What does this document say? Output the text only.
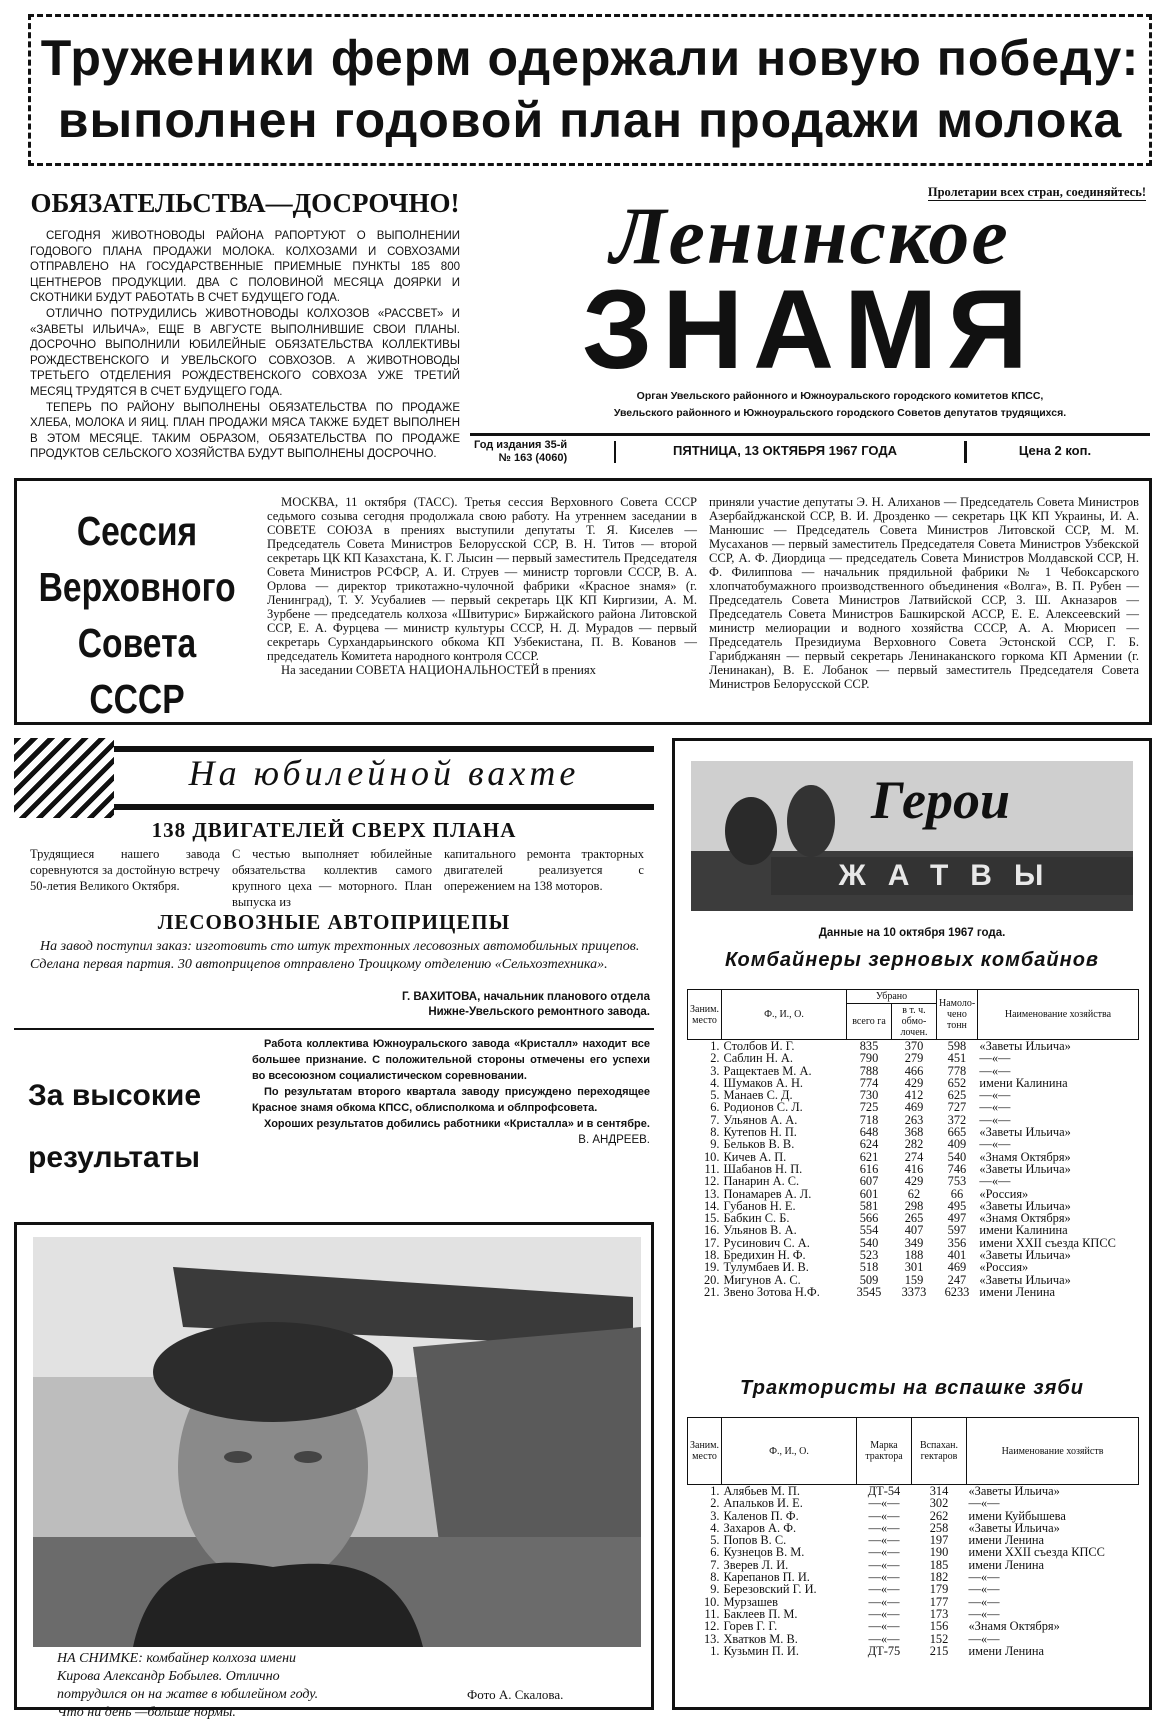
Труженики ферм одержали новую победу:
выполнен годовой план продажи молока
ОБЯЗАТЕЛЬСТВА—ДОСРОЧНО!
СЕГОДНЯ ЖИВОТНОВОДЫ РАЙОНА РАПОРТУЮТ О ВЫПОЛНЕНИИ ГОДОВОГО ПЛАНА ПРОДАЖИ МОЛОКА. КОЛХОЗАМИ И СОВХОЗАМИ ОТПРАВЛЕНО НА ГОСУДАРСТВЕННЫЕ ПРИЕМНЫЕ ПУНКТЫ 185 800 ЦЕНТНЕРОВ ПРОДУКЦИИ. ДВА С ПОЛОВИНОЙ МЕСЯЦА ДОЯРКИ И СКОТНИКИ БУДУТ РАБОТАТЬ В СЧЕТ БУДУЩЕГО ГОДА.
ОТЛИЧНО ПОТРУДИЛИСЬ ЖИВОТНОВОДЫ КОЛХОЗОВ «РАССВЕТ» И «ЗАВЕТЫ ИЛЬИЧА», ЕЩЕ В АВГУСТЕ ВЫПОЛНИВШИЕ СВОИ ПЛАНЫ. ДОСРОЧНО ВЫПОЛНИЛИ ЮБИЛЕЙНЫЕ ОБЯЗАТЕЛЬСТВА КОЛЛЕКТИВЫ РОЖДЕСТВЕНСКОГО И УВЕЛЬСКОГО СОВХОЗОВ. А ЖИВОТНОВОДЫ ТРЕТЬЕГО ОТДЕЛЕНИЯ РОЖДЕСТВЕНСКОГО СОВХОЗА УЖЕ ТРЕТИЙ МЕСЯЦ ТРУДЯТСЯ В СЧЕТ БУДУЩЕГО ГОДА.
ТЕПЕРЬ ПО РАЙОНУ ВЫПОЛНЕНЫ ОБЯЗАТЕЛЬСТВА ПО ПРОДАЖЕ ХЛЕБА, МОЛОКА И ЯИЦ. ПЛАН ПРОДАЖИ МЯСА ТАКЖЕ БУДЕТ ВЫПОЛНЕН В ЭТОМ МЕСЯЦЕ. ТАКИМ ОБРАЗОМ, ОБЯЗАТЕЛЬСТВА ПО ПРОДАЖЕ ПРОДУКТОВ СЕЛЬСКОГО ХОЗЯЙСТВА БУДУТ ВЫПОЛНЕНЫ ДОСРОЧНО.
Пролетарии всех стран, соединяйтесь!
Ленинское
ЗНАМЯ
Орган Увельского районного и Южноуральского городского комитетов КПСС,
Увельского районного и Южноуральского городского Советов депутатов трудящихся.
Год издания 35-й
№ 163 (4060)	ПЯТНИЦА, 13 ОКТЯБРЯ 1967 ГОДА	Цена 2 коп.
Сессия
Верховного
Совета СССР
МОСКВА, 11 октября (ТАСС). Третья сессия Верховного Совета СССР седьмого созыва сегодня продолжала свою работу. На утреннем заседании в СОВЕТЕ СОЮЗА в прениях выступили депутаты Т. Я. Киселев — Председатель Совета Министров Белорусской ССР, В. Н. Титов — второй секретарь ЦК КП Казахстана, К. Г. Лысин — первый заместитель Председателя Совета Министров РСФСР, А. И. Струев — министр торговли СССР, В. А. Орлова — директор трикотажно-чулочной фабрики «Красное знамя» (г. Ленинград), Т. У. Усубалиев — первый секретарь ЦК КП Киргизии, А. М. Зурбене — председатель колхоза «Швитурис» Биржайского района Литовской ССР, Е. А. Фурцева — министр культуры СССР, Н. Д. Мурадов — первый секретарь Сурхандарьинского обкома КП Узбекистана, П. В. Кованов — председатель Комитета народного контроля СССР.
На заседании СОВЕТА НАЦИОНАЛЬНОСТЕЙ в прениях
приняли участие депутаты Э. Н. Алиханов — Председатель Совета Министров Азербайджанской ССР, В. И. Дрозденко — секретарь ЦК КП Украины, И. А. Манюшис — Председатель Совета Министров Литовской ССР, М. М. Мусаханов — первый заместитель Председателя Совета Министров Узбекской ССР, А. Ф. Диордица — председатель Совета Министров Молдавской ССР, Н. Ф. Филиппова — начальник прядильной фабрики № 1 Чебоксарского хлопчатобумажного производственного объединения «Волга», В. П. Рубен — Председатель Совета Министров Латвийской ССР, З. Ш. Акназаров — Председатель Совета Министров Башкирской АССР, Е. Е. Алексеевский — министр мелиорации и водного хозяйства СССР, А. А. Мюрисеп — Председатель Президиума Верховного Совета Эстонской ССР, Г. Б. Гарибджанян — первый секретарь Ленинаканского горкома КП Армении (г. Ленинакан), В. Е. Лобанок — первый заместитель Председателя Совета Министров Белорусской ССР.
На юбилейной вахте
138 ДВИГАТЕЛЕЙ СВЕРХ ПЛАНА
Трудящиеся нашего завода соревнуются за достойную встречу 50-летия Великого Октября.
С честью выполняет юбилейные обязательства коллектив самого крупного цеха — моторного. План выпуска из
капитального ремонта тракторных двигателей реализуется с опережением на 138 моторов.
ЛЕСОВОЗНЫЕ АВТОПРИЦЕПЫ
На завод поступил заказ: изготовить сто штук трехтонных лесовозных автомобильных прицепов. Сделана первая партия. 30 автоприцепов отправлено Троицкому отделению «Сельхозтехника».
Г. ВАХИТОВА, начальник планового отдела
Нижне-Увельского ремонтного завода.
За высокие
результаты
Работа коллектива Южноуральского завода «Кристалл» находит все большее признание. С положительной стороны отмечены его успехи во всесоюзном социалистическом соревновании.
По результатам второго квартала заводу присуждено переходящее Красное знамя обкома КПСС, облисполкома и облпрофсовета.
Хороших результатов добились работники «Кристалла» и в сентябре.
В. АНДРЕЕВ.
НА СНИМКЕ: комбайнер колхоза имени Кирова Александр Бобылев. Отлично потрудился он на жатве в юбилейном году. Что ни день —больше нормы.
Фото А. Скалова.
Герои
ЖАТВЫ
Данные на 10 октября 1967 года.
Комбайнеры зерновых комбайнов
Заним. место	Ф., И., О.	Убрано		Намолочено тонн	Наименование хозяйства
		всего га	в т. ч. обмолочен.		
1.	Столбов И. Г.	835	370	598	«Заветы Ильича»
2.	Саблин Н. А.	790	279	451	—«—
3.	Ращектаев М. А.	788	466	778	—«—
4.	Шумаков А. Н.	774	429	652	имени Калинина
5.	Манаев С. Д.	730	412	625	—«—
6.	Родионов С. Л.	725	469	727	—«—
7.	Ульянов А. А.	718	263	372	—«—
8.	Кутепов Н. П.	648	368	665	«Заветы Ильича»
9.	Бельков В. В.	624	282	409	—«—
10.	Кичев А. П.	621	274	540	«Знамя Октября»
11.	Шабанов Н. П.	616	416	746	«Заветы Ильича»
12.	Панарин А. С.	607	429	753	—«—
13.	Понамарев А. Л.	601	62	66	«Россия»
14.	Губанов Н. Е.	581	298	495	«Заветы Ильича»
15.	Бабкин С. Б.	566	265	497	«Знамя Октября»
16.	Ульянов В. А.	554	407	597	имени Калинина
17.	Русинович С. А.	540	349	356	имени XXII съезда КПСС
18.	Бредихин Н. Ф.	523	188	401	«Заветы Ильича»
19.	Тулумбаев И. В.	518	301	469	«Россия»
20.	Мигунов А. С.	509	159	247	«Заветы Ильича»
21.	Звено Зотова Н.Ф.	3545	3373	6233	имени Ленина
Трактористы на вспашке зяби
Заним. место	Ф., И., О.	Марка трактора	Вспахан. гектаров	Наименование хозяйств
1.	Алябьев М. П.	ДТ-54	314	«Заветы Ильича»
2.	Апальков И. Е.	—«—	302	—«—
3.	Каленов П. Ф.	—«—	262	имени Куйбышева
4.	Захаров А. Ф.	—«—	258	«Заветы Ильича»
5.	Попов В. С.	—«—	197	имени Ленина
6.	Кузнецов В. М.	—«—	190	имени XXII съезда КПСС
7.	Зверев Л. И.	—«—	185	имени Ленина
8.	Карепанов П. И.	—«—	182	—«—
9.	Березовский Г. И.	—«—	179	—«—
10.	Мурзашев	—«—	177	—«—
11.	Баклеев П. М.	—«—	173	—«—
12.	Горев Г. Г.	—«—	156	«Знамя Октября»
13.	Хватков М. В.	—«—	152	—«—
1.	Кузьмин П. И.	ДТ-75	215	имени Ленина
